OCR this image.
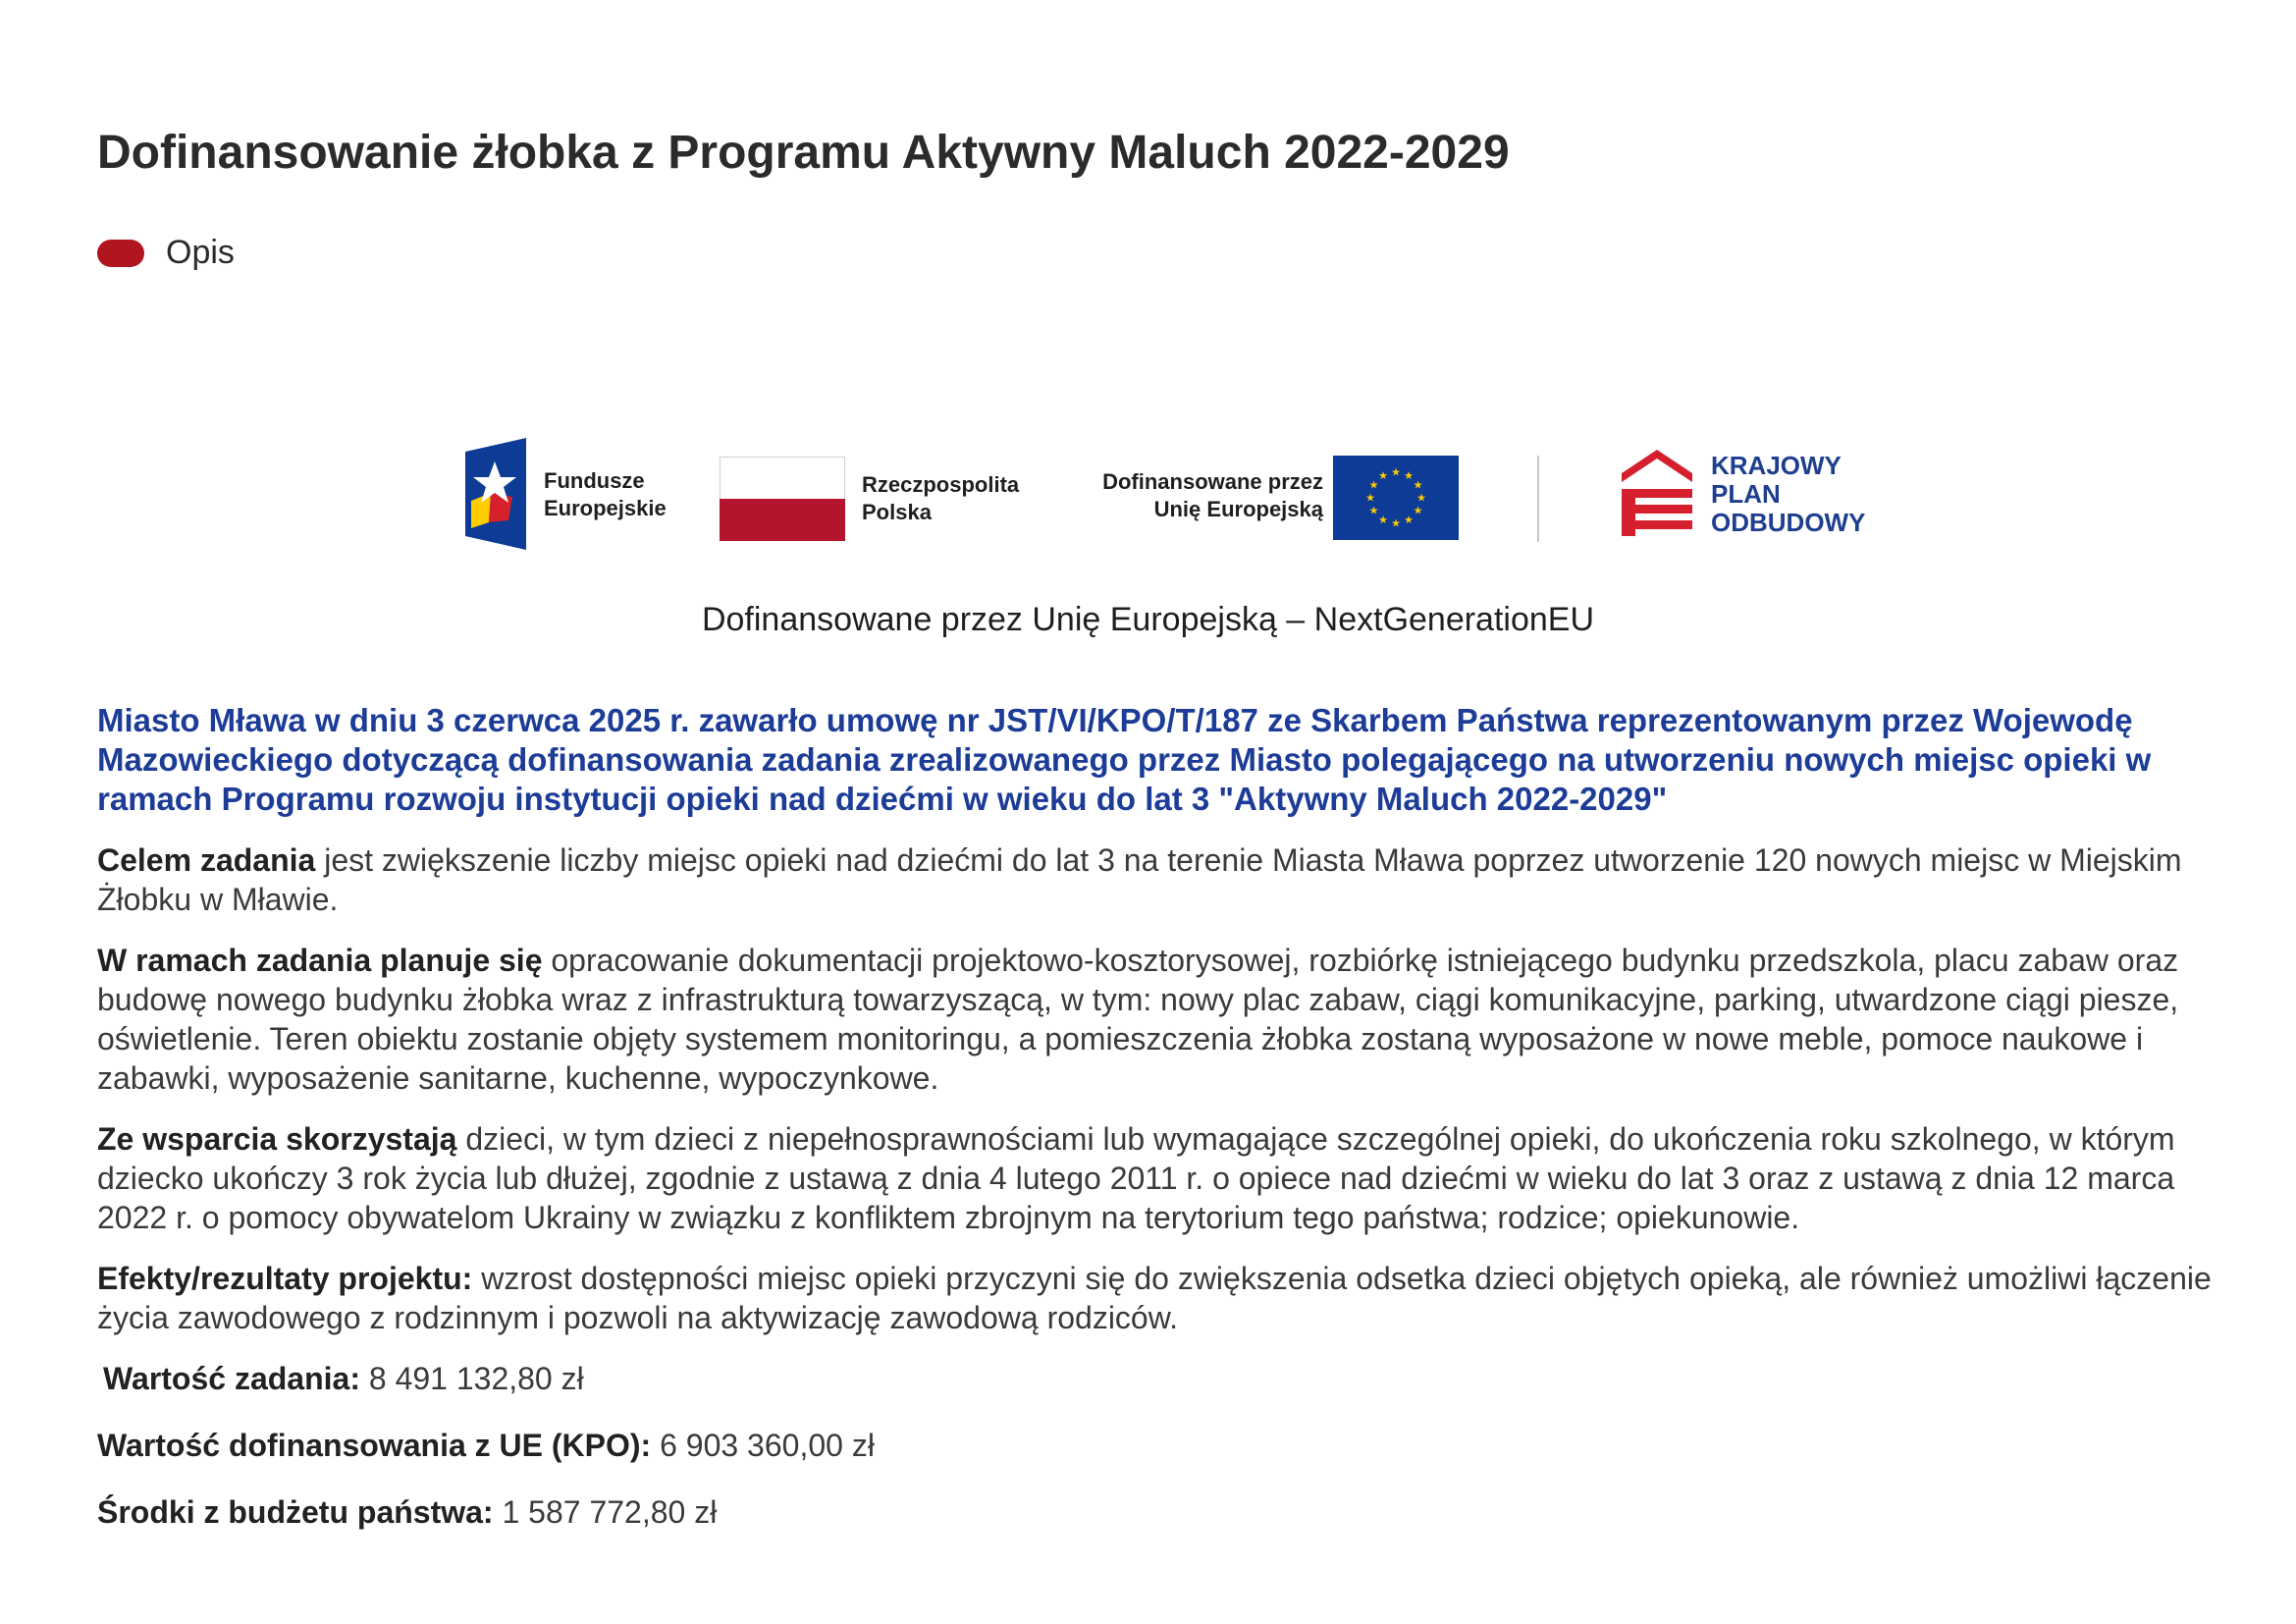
Dofinansowanie żłobka z Programu Aktywny Maluch 2022-2029
Opis
Fundusze
Europejskie
Rzeczpospolita
Polska
Dofinansowane przez
Unię Europejską
★ ★
★
★
★
★
★
★
★
★
★
★	KRAJOWY
PLAN
ODBUDOWY
Dofinansowane przez Unię Europejską – NextGenerationEU

Miasto Mława w dniu 3 czerwca 2025 r. zawarło umowę nr JST/VI/KPO/T/187 ze Skarbem Państwa reprezentowanym przez Wojewodę Mazowieckiego dotyczącą dofinansowania zadania zrealizowanego przez Miasto polegającego na utworzeniu nowych miejsc opieki w ramach Programu rozwoju instytucji opieki nad dziećmi w wieku do lat 3 "Aktywny Maluch 2022-2029"

Celem zadania jest zwiększenie liczby miejsc opieki nad dziećmi do lat 3 na terenie Miasta Mława poprzez utworzenie 120 nowych miejsc w Miejskim Żłobku w Mławie.

W ramach zadania planuje się opracowanie dokumentacji projektowo-kosztorysowej, rozbiórkę istniejącego budynku przedszkola, placu zabaw oraz budowę nowego budynku żłobka wraz z infrastrukturą towarzyszącą, w tym: nowy plac zabaw, ciągi komunikacyjne, parking, utwardzone ciągi piesze, oświetlenie. Teren obiektu zostanie objęty systemem monitoringu, a pomieszczenia żłobka zostaną wyposażone w nowe meble, pomoce naukowe i zabawki, wyposażenie sanitarne, kuchenne, wypoczynkowe.

Ze wsparcia skorzystają dzieci, w tym dzieci z niepełnosprawnościami lub wymagające szczególnej opieki, do ukończenia roku szkolnego, w którym dziecko ukończy 3 rok życia lub dłużej, zgodnie z ustawą z dnia 4 lutego 2011 r. o opiece nad dziećmi w wieku do lat 3 oraz z ustawą z dnia 12 marca 2022 r. o pomocy obywatelom Ukrainy w związku z konfliktem zbrojnym na terytorium tego państwa; rodzice; opiekunowie.

Efekty/rezultaty projektu: wzrost dostępności miejsc opieki przyczyni się do zwiększenia odsetka dzieci objętych opieką, ale również umożliwi łączenie życia zawodowego z rodzinnym i pozwoli na aktywizację zawodową rodziców.

Wartość zadania: 8 491 132,80 zł

Wartość dofinansowania z UE (KPO): 6 903 360,00 zł

Środki z budżetu państwa: 1 587 772,80 zł
